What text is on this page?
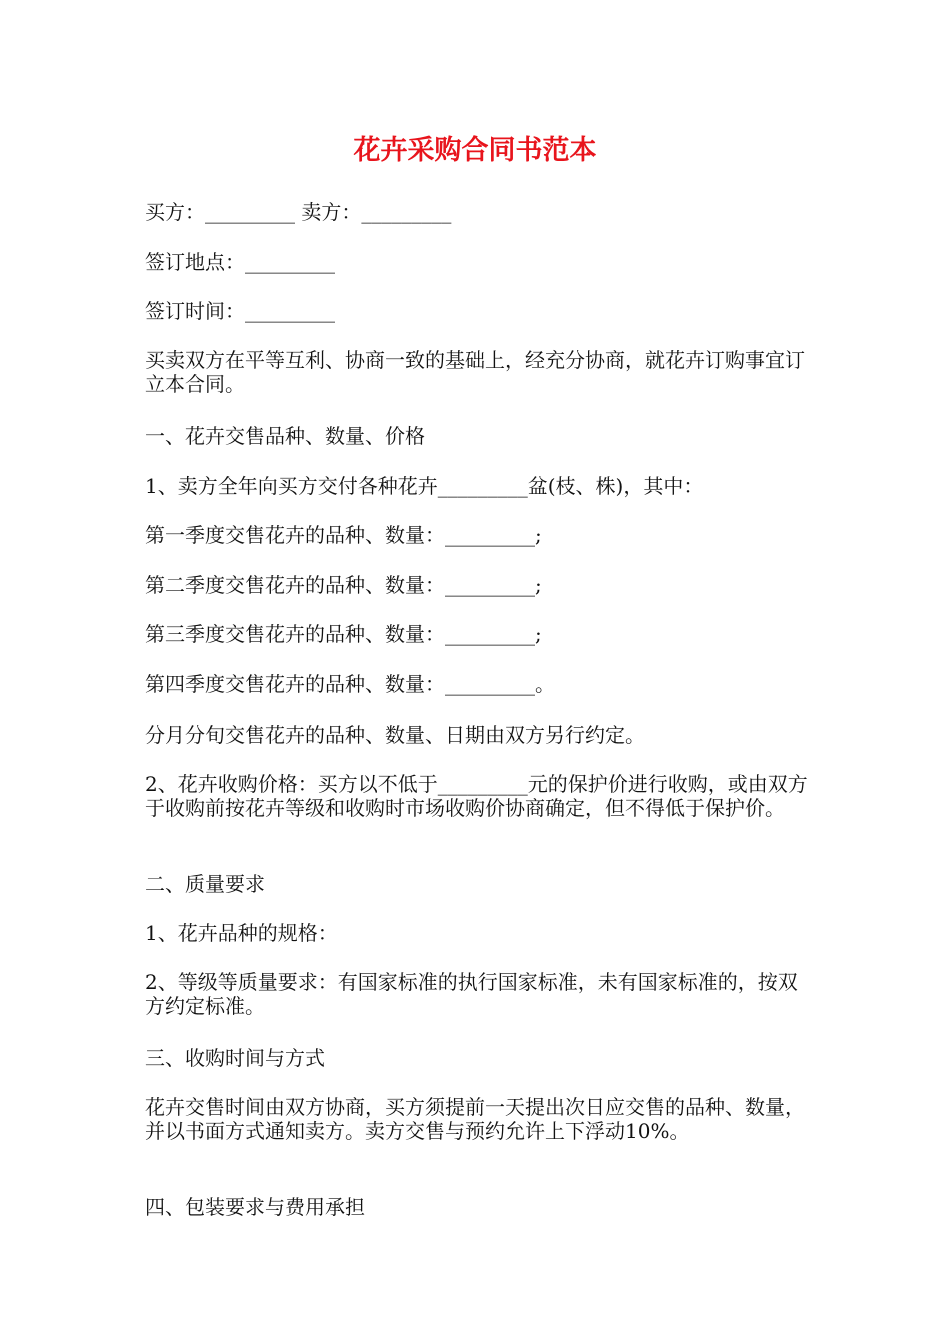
花卉采购合同书范本

买方：_________ 卖方：_________

签订地点：_________

签订时间：_________

买卖双方在平等互利、协商一致的基础上，经充分协商，就花卉订购事宜订立本合同。

一、花卉交售品种、数量、价格

1、卖方全年向买方交付各种花卉_________盆(枝、株)，其中：

第一季度交售花卉的品种、数量：_________;

第二季度交售花卉的品种、数量：_________;

第三季度交售花卉的品种、数量：_________;

第四季度交售花卉的品种、数量：_________。

分月分旬交售花卉的品种、数量、日期由双方另行约定。

2、花卉收购价格：买方以不低于_________元的保护价进行收购，或由双方于收购前按花卉等级和收购时市场收购价协商确定，但不得低于保护价。

二、质量要求

1、花卉品种的规格：

2、等级等质量要求：有国家标准的执行国家标准，未有国家标准的，按双方约定标准。

三、收购时间与方式

花卉交售时间由双方协商，买方须提前一天提出次日应交售的品种、数量，并以书面方式通知卖方。卖方交售与预约允许上下浮动10%。

四、包装要求与费用承担
